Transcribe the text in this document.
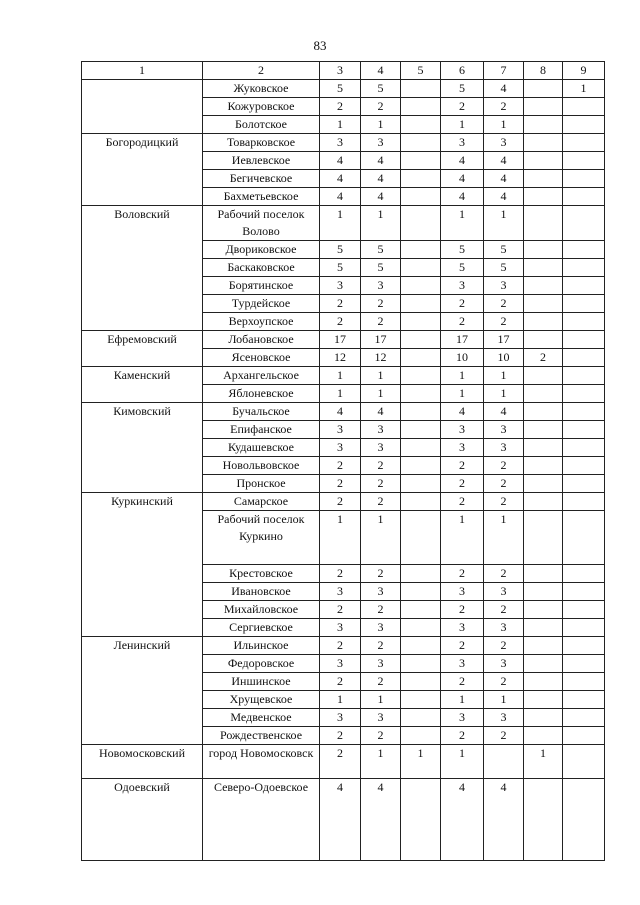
83
1	2	3	4	5	6	7	8	9
	Жуковское	5	5		5	4		1
	Кожуровское	2	2		2	2		
	Болотское	1	1		1	1		
Богородицкий	Товарковское	3	3		3	3		
	Иевлевское	4	4		4	4		
	Бегичевское	4	4		4	4		
	Бахметьевское	4	4		4	4		
Воловский	Рабочий поселок Волово	1	1		1	1		
	Двориковское	5	5		5	5		
	Баскаковское	5	5		5	5		
	Борятинское	3	3		3	3		
	Турдейское	2	2		2	2		
	Верхоупское	2	2		2	2		
Ефремовский	Лобановское	17	17		17	17		
	Ясеновское	12	12		10	10	2	
Каменский	Архангельское	1	1		1	1		
	Яблоневское	1	1		1	1		
Кимовский	Бучальское	4	4		4	4		
	Епифанское	3	3		3	3		
	Кудашевское	3	3		3	3		
	Новольвовское	2	2		2	2		
	Пронское	2	2		2	2		
Куркинский	Самарское	2	2		2	2		
	Рабочий поселок Куркино	1	1		1	1		
	Крестовское	2	2		2	2		
	Ивановское	3	3		3	3		
	Михайловское	2	2		2	2		
	Сергиевское	3	3		3	3		
Ленинский	Ильинское	2	2		2	2		
	Федоровское	3	3		3	3		
	Иншинское	2	2		2	2		
	Хрущевское	1	1		1	1		
	Медвенское	3	3		3	3		
	Рождественское	2	2		2	2		
Новомосковский	город Новомосковск	2	1	1	1		1	
Одоевский	Северо-Одоевское	4	4		4	4		
